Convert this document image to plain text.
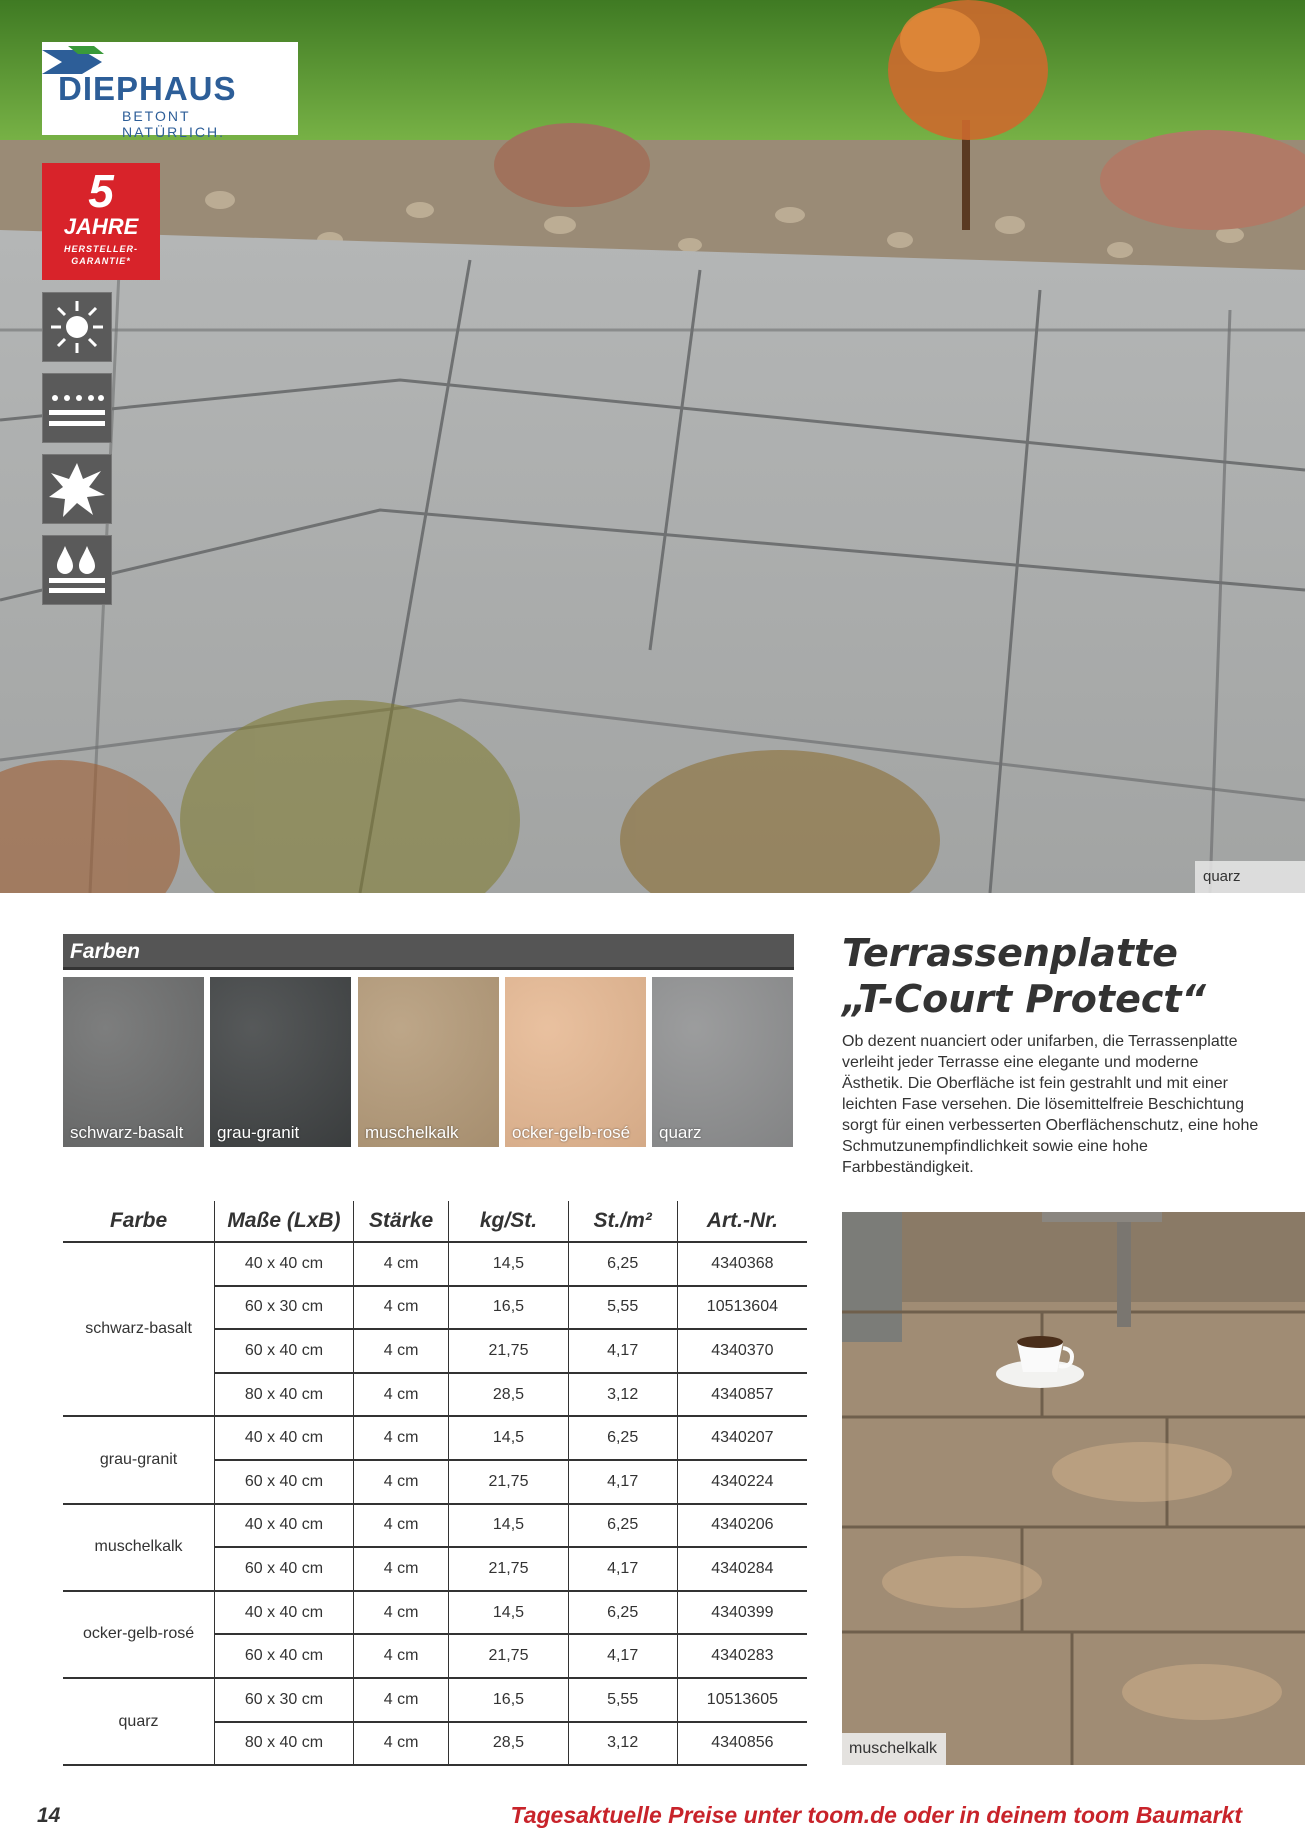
DIEPHAUS
BETONT NATÜRLICH.
5
JAHRE
HERSTELLER-
GARANTIE*
quarz
Farben
schwarz-basalt grau-granit	muschelkalk	ocker-gelb-rosé quarz
Terrassenplatte
„T-Court Protect“
Ob dezent nuanciert oder unifarben, die Terrassenplatte verleiht jeder Terrasse eine elegante und moderne Ästhetik. Die Oberfläche ist fein gestrahlt und mit einer leichten Fase versehen. Die lösemittelfreie Beschichtung sorgt für einen verbesserten Oberflächenschutz, eine hohe Schmutzunempfindlichkeit sowie eine hohe Farbbeständigkeit.
Farbe	Maße (LxB)	Stärke	kg/St.	St./m²	Art.-Nr.
schwarz-basalt	40 x 40 cm	4 cm	14,5	6,25	4340368
	60 x 30 cm	4 cm	16,5	5,55	10513604
	60 x 40 cm	4 cm	21,75	4,17	4340370
	80 x 40 cm	4 cm	28,5	3,12	4340857
grau-granit	40 x 40 cm	4 cm	14,5	6,25	4340207
	60 x 40 cm	4 cm	21,75	4,17	4340224
muschelkalk	40 x 40 cm	4 cm	14,5	6,25	4340206
	60 x 40 cm	4 cm	21,75	4,17	4340284
ocker-gelb-rosé	40 x 40 cm	4 cm	14,5	6,25	4340399
	60 x 40 cm	4 cm	21,75	4,17	4340283
quarz	60 x 30 cm	4 cm	16,5	5,55	10513605
	80 x 40 cm	4 cm	28,5	3,12	4340856	muschelkalk
14	Tagesaktuelle Preise unter toom.de oder in deinem toom Baumarkt
